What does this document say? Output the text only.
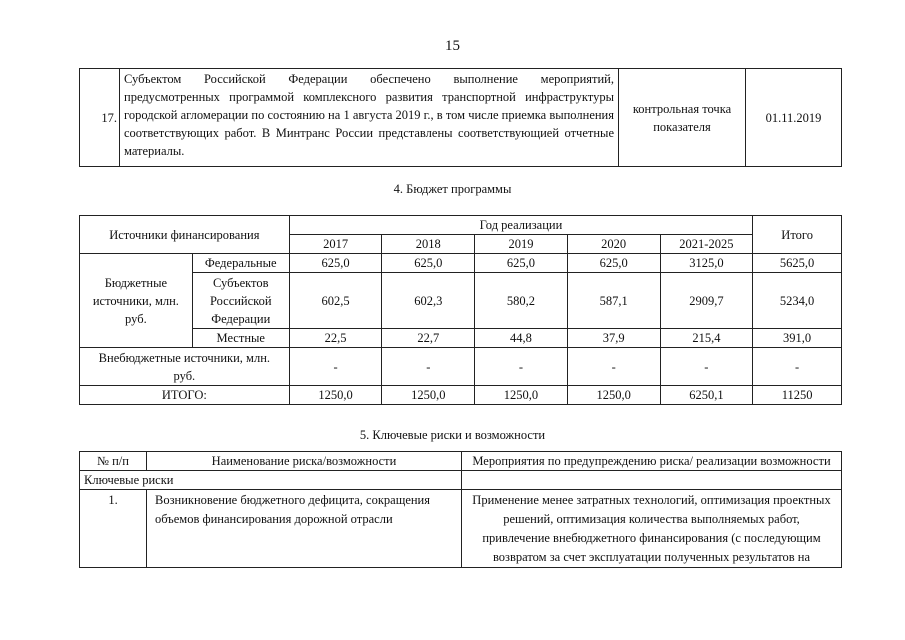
15
17.	Субъектом Российской Федерации обеспечено выполнение мероприятий, предусмотренных программой комплексного развития транспортной инфраструктуры городской агломерации по состоянию на 1 августа 2019 г., в том числе приемка выполнения соответствующих работ. В Минтранс России представлены соответствующией отчетные материалы.	контрольная точка показателя	01.11.2019
4. Бюджет программы
Источники финансирования		Год реализации					Итого
		2017	2018	2019	2020	2021-2025	
Бюджетные источники, млн. руб.	Федеральные	625,0	625,0	625,0	625,0	3125,0	5625,0
	Субъектов Российской Федерации	602,5	602,3	580,2	587,1	2909,7	5234,0
	Местные	22,5	22,7	44,8	37,9	215,4	391,0
Внебюджетные источники, млн. руб.		-	-	-	-	-	-
ИТОГО:		1250,0	1250,0	1250,0	1250,0	6250,1	11250
5. Ключевые риски и возможности
№ п/п	Наименование риска/возможности	Мероприятия по предупреждению риска/ реализации возможности
Ключевые риски		
1.	Возникновение бюджетного дефицита, сокращения объемов финансирования дорожной отрасли	Применение менее затратных технологий, оптимизация проектных решений, оптимизация количества выполняемых работ, привлечение внебюджетного финансирования (с последующим возвратом за счет эксплуатации полученных результатов на
